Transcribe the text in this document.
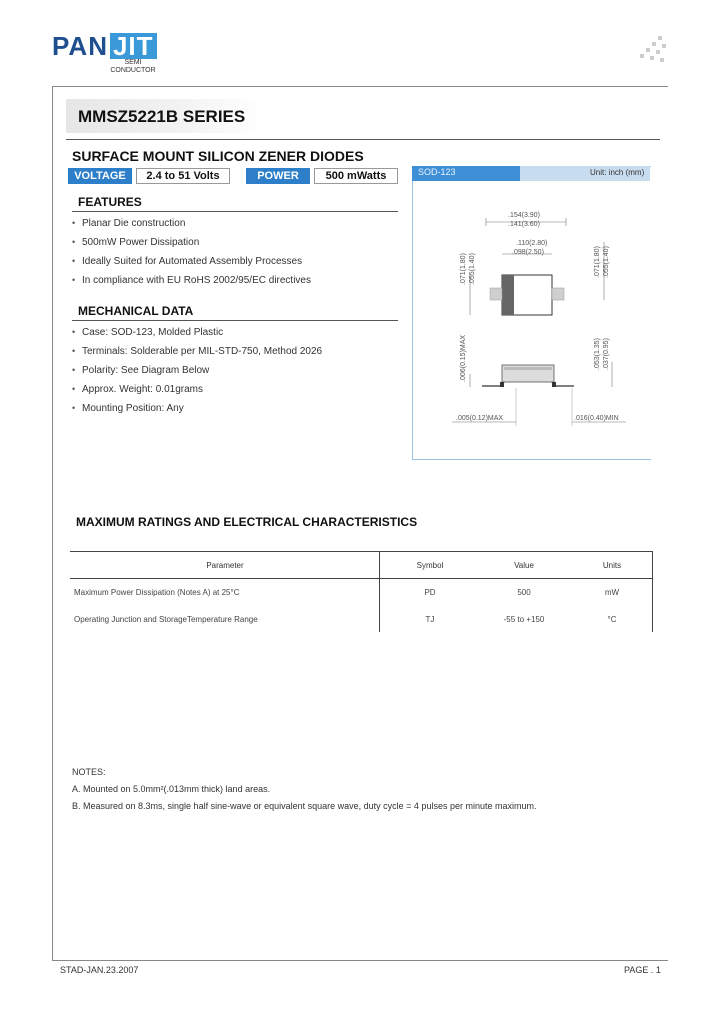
PAN JIT
SEMI
CONDUCTOR
MMSZ5221B SERIES
SURFACE MOUNT SILICON ZENER DIODES
VOLTAGE	2.4 to 51 Volts	POWER	500 mWatts
FEATURES
• Planar Die construction
• 500mW Power Dissipation
• Ideally Suited for Automated Assembly Processes
• In compliance with EU RoHS 2002/95/EC directives
MECHANICAL DATA
• Case: SOD-123, Molded Plastic
• Terminals: Solderable per MIL-STD-750, Method 2026
• Polarity: See Diagram Below
• Approx. Weight: 0.01grams
• Mounting Position: Any
SOD-123	Unit: inch (mm)
.154(3.90)
.141(3.60)
.110(2.80)
.098(2.50)
.071(1.80) .055(1.40)	.071(1.80) .055(1.40)
.006(0.15)MAX	.053(1.35) .037(0.95)
.005(0.12)MAX	.016(0.40)MIN
MAXIMUM RATINGS AND ELECTRICAL CHARACTERISTICS
Parameter	Symbol	Value	Units
Maximum Power Dissipation (Notes A) at 25°C	PD	500	mW
Operating Junction and StorageTemperature Range	TJ	-55 to +150	°C
NOTES:
A. Mounted on 5.0mm²(.013mm thick) land areas.
B. Measured on 8.3ms, single half sine-wave or equivalent square wave, duty cycle = 4 pulses per minute maximum.
STAD-JAN.23.2007	PAGE . 1
